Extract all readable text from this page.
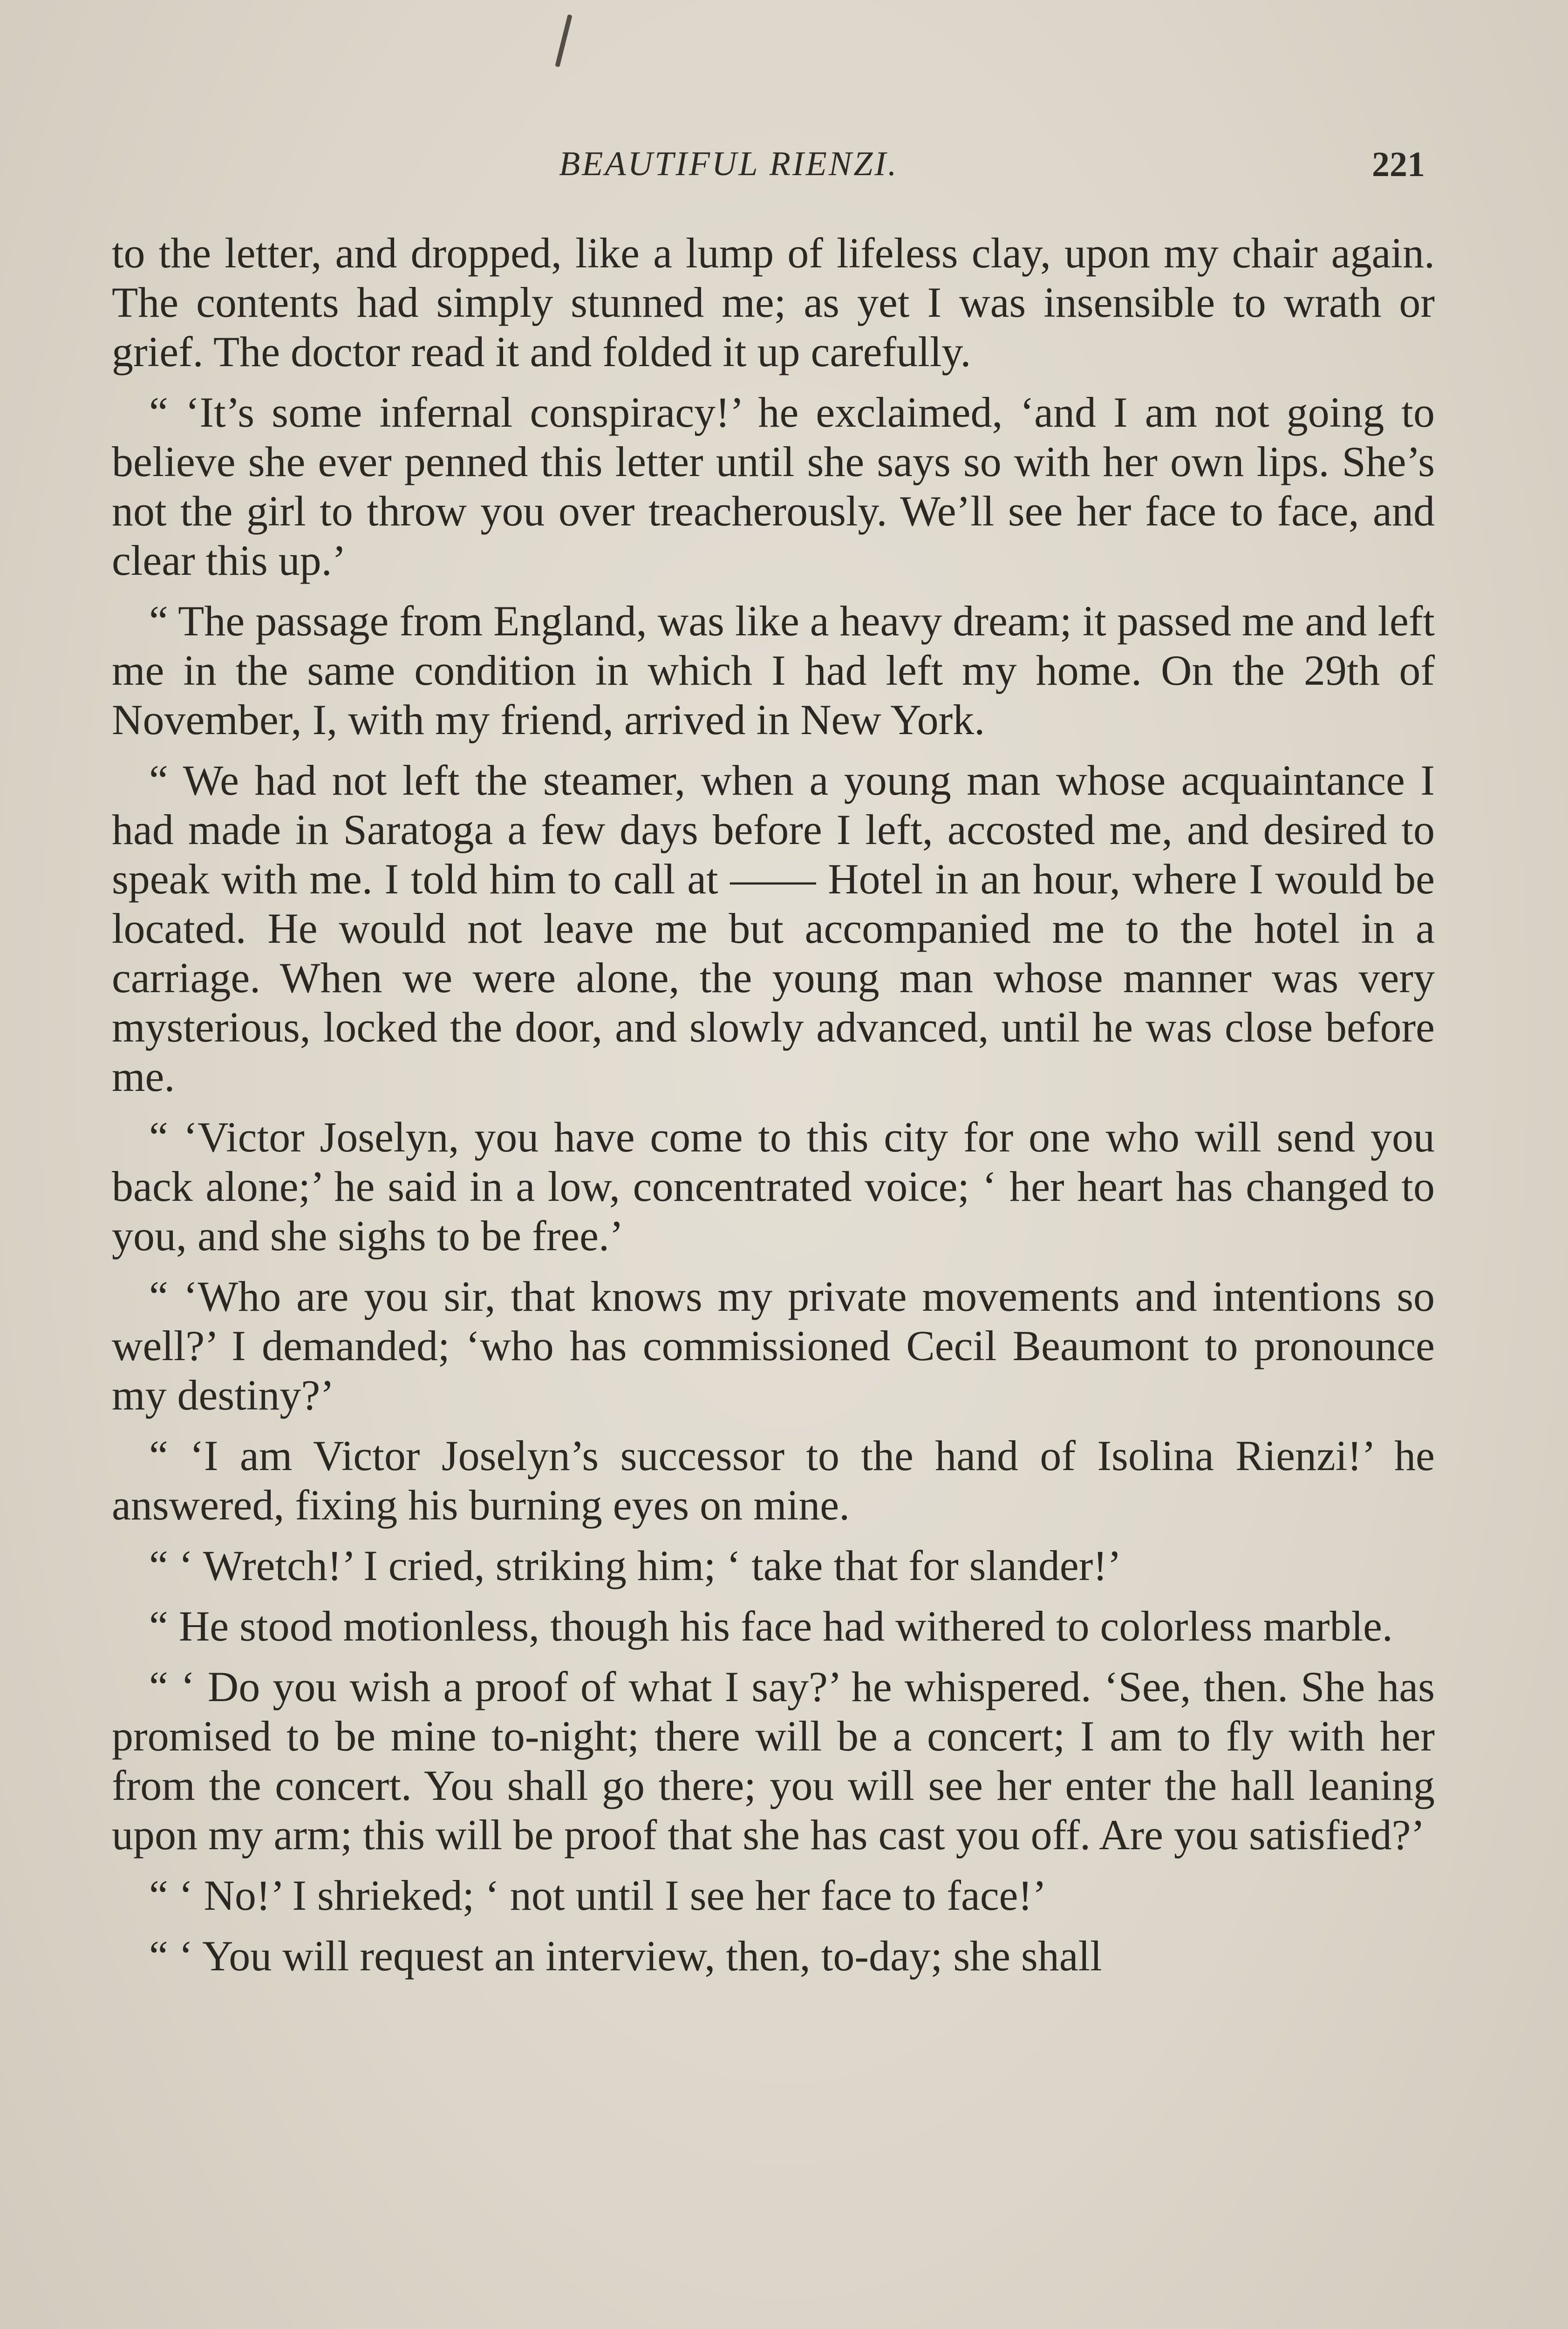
BEAUTIFUL RIENZI.	221

to the letter, and dropped, like a lump of lifeless clay, upon my chair again. The contents had simply stunned me; as yet I was insensible to wrath or grief. The doctor read it and folded it up carefully.

“ ‘It’s some infernal conspiracy!’ he exclaimed, ‘and I am not going to believe she ever penned this letter until she says so with her own lips. She’s not the girl to throw you over treacherously. We’ll see her face to face, and clear this up.’

“ The passage from England, was like a heavy dream; it passed me and left me in the same condition in which I had left my home. On the 29th of November, I, with my friend, arrived in New York.

“ We had not left the steamer, when a young man whose acquaintance I had made in Saratoga a few days before I left, accosted me, and desired to speak with me. I told him to call at —— Hotel in an hour, where I would be located. He would not leave me but accompanied me to the hotel in a carriage. When we were alone, the young man whose manner was very mysterious, locked the door, and slowly advanced, until he was close before me.

“ ‘Victor Joselyn, you have come to this city for one who will send you back alone;’ he said in a low, concentrated voice; ‘ her heart has changed to you, and she sighs to be free.’

“ ‘Who are you sir, that knows my private movements and intentions so well?’ I demanded; ‘who has commissioned Cecil Beaumont to pronounce my destiny?’

“ ‘I am Victor Joselyn’s successor to the hand of Isolina Rienzi!’ he answered, fixing his burning eyes on mine.

“ ‘ Wretch!’ I cried, striking him; ‘ take that for slander!’

“ He stood motionless, though his face had withered to colorless marble.

“ ‘ Do you wish a proof of what I say?’ he whispered. ‘See, then. She has promised to be mine to-night; there will be a concert; I am to fly with her from the concert. You shall go there; you will see her enter the hall leaning upon my arm; this will be proof that she has cast you off. Are you satisfied?’

“ ‘ No!’ I shrieked; ‘ not until I see her face to face!’

“ ‘ You will request an interview, then, to-day; she shall
